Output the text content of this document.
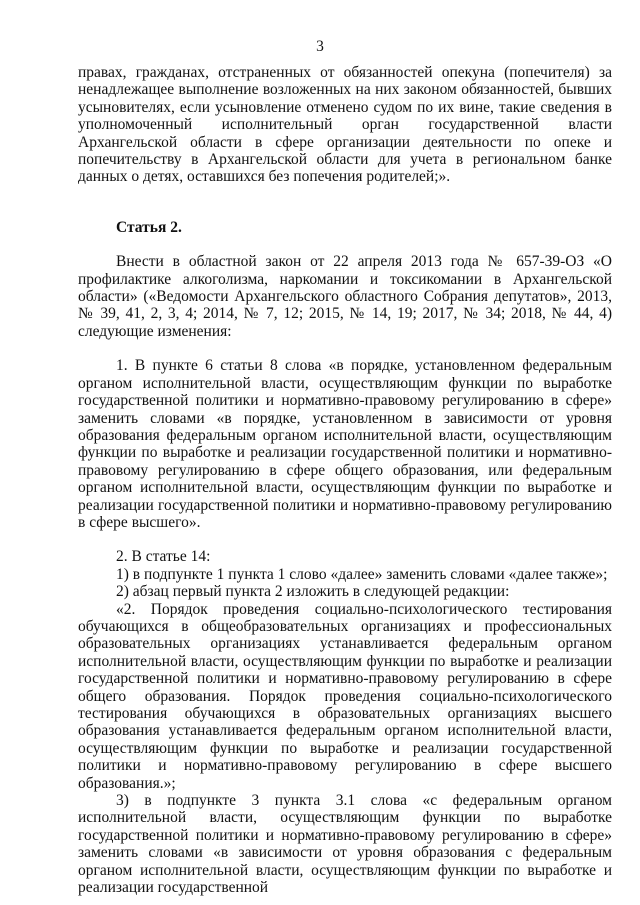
3

правах, гражданах, отстраненных от обязанностей опекуна (попечителя) за ненадлежащее выполнение возложенных на них законом обязанностей, бывших усыновителях, если усыновление отменено судом по их вине, такие сведения в уполномоченный исполнительный орган государственной власти Архангельской области в сфере организации деятельности по опеке и попечительству в Архангельской области для учета в региональном банке данных о детях, оставшихся без попечения родителей;».

Статья 2.

Внести в областной закон от 22 апреля 2013 года № 657-39-ОЗ «О профилактике алкоголизма, наркомании и токсикомании в Архангельской области» («Ведомости Архангельского областного Собрания депутатов», 2013, № 39, 41, 2, 3, 4; 2014, № 7, 12; 2015, № 14, 19; 2017, № 34; 2018, № 44, 4) следующие изменения:

1. В пункте 6 статьи 8 слова «в порядке, установленном федеральным органом исполнительной власти, осуществляющим функции по выработке государственной политики и нормативно-правовому регулированию в сфере» заменить словами «в порядке, установленном в зависимости от уровня образования федеральным органом исполнительной власти, осуществляющим функции по выработке и реализации государственной политики и нормативно-правовому регулированию в сфере общего образования, или федеральным органом исполнительной власти, осуществляющим функции по выработке и реализации государственной политики и нормативно-правовому регулированию в сфере высшего».

2. В статье 14:

1) в подпункте 1 пункта 1 слово «далее» заменить словами «далее также»;

2) абзац первый пункта 2 изложить в следующей редакции:

«2. Порядок проведения социально-психологического тестирования обучающихся в общеобразовательных организациях и профессиональных образовательных организациях устанавливается федеральным органом исполнительной власти, осуществляющим функции по выработке и реализации государственной политики и нормативно-правовому регулированию в сфере общего образования. Порядок проведения социально-психологического тестирования обучающихся в образовательных организациях высшего образования устанавливается федеральным органом исполнительной власти, осуществляющим функции по выработке и реализации государственной политики и нормативно-правовому регулированию в сфере высшего образования.»;

3) в подпункте 3 пункта 3.1 слова «с федеральным органом исполнительной власти, осуществляющим функции по выработке государственной политики и нормативно-правовому регулированию в сфере» заменить словами «в зависимости от уровня образования с федеральным органом исполнительной власти, осуществляющим функции по выработке и реализации государственной
